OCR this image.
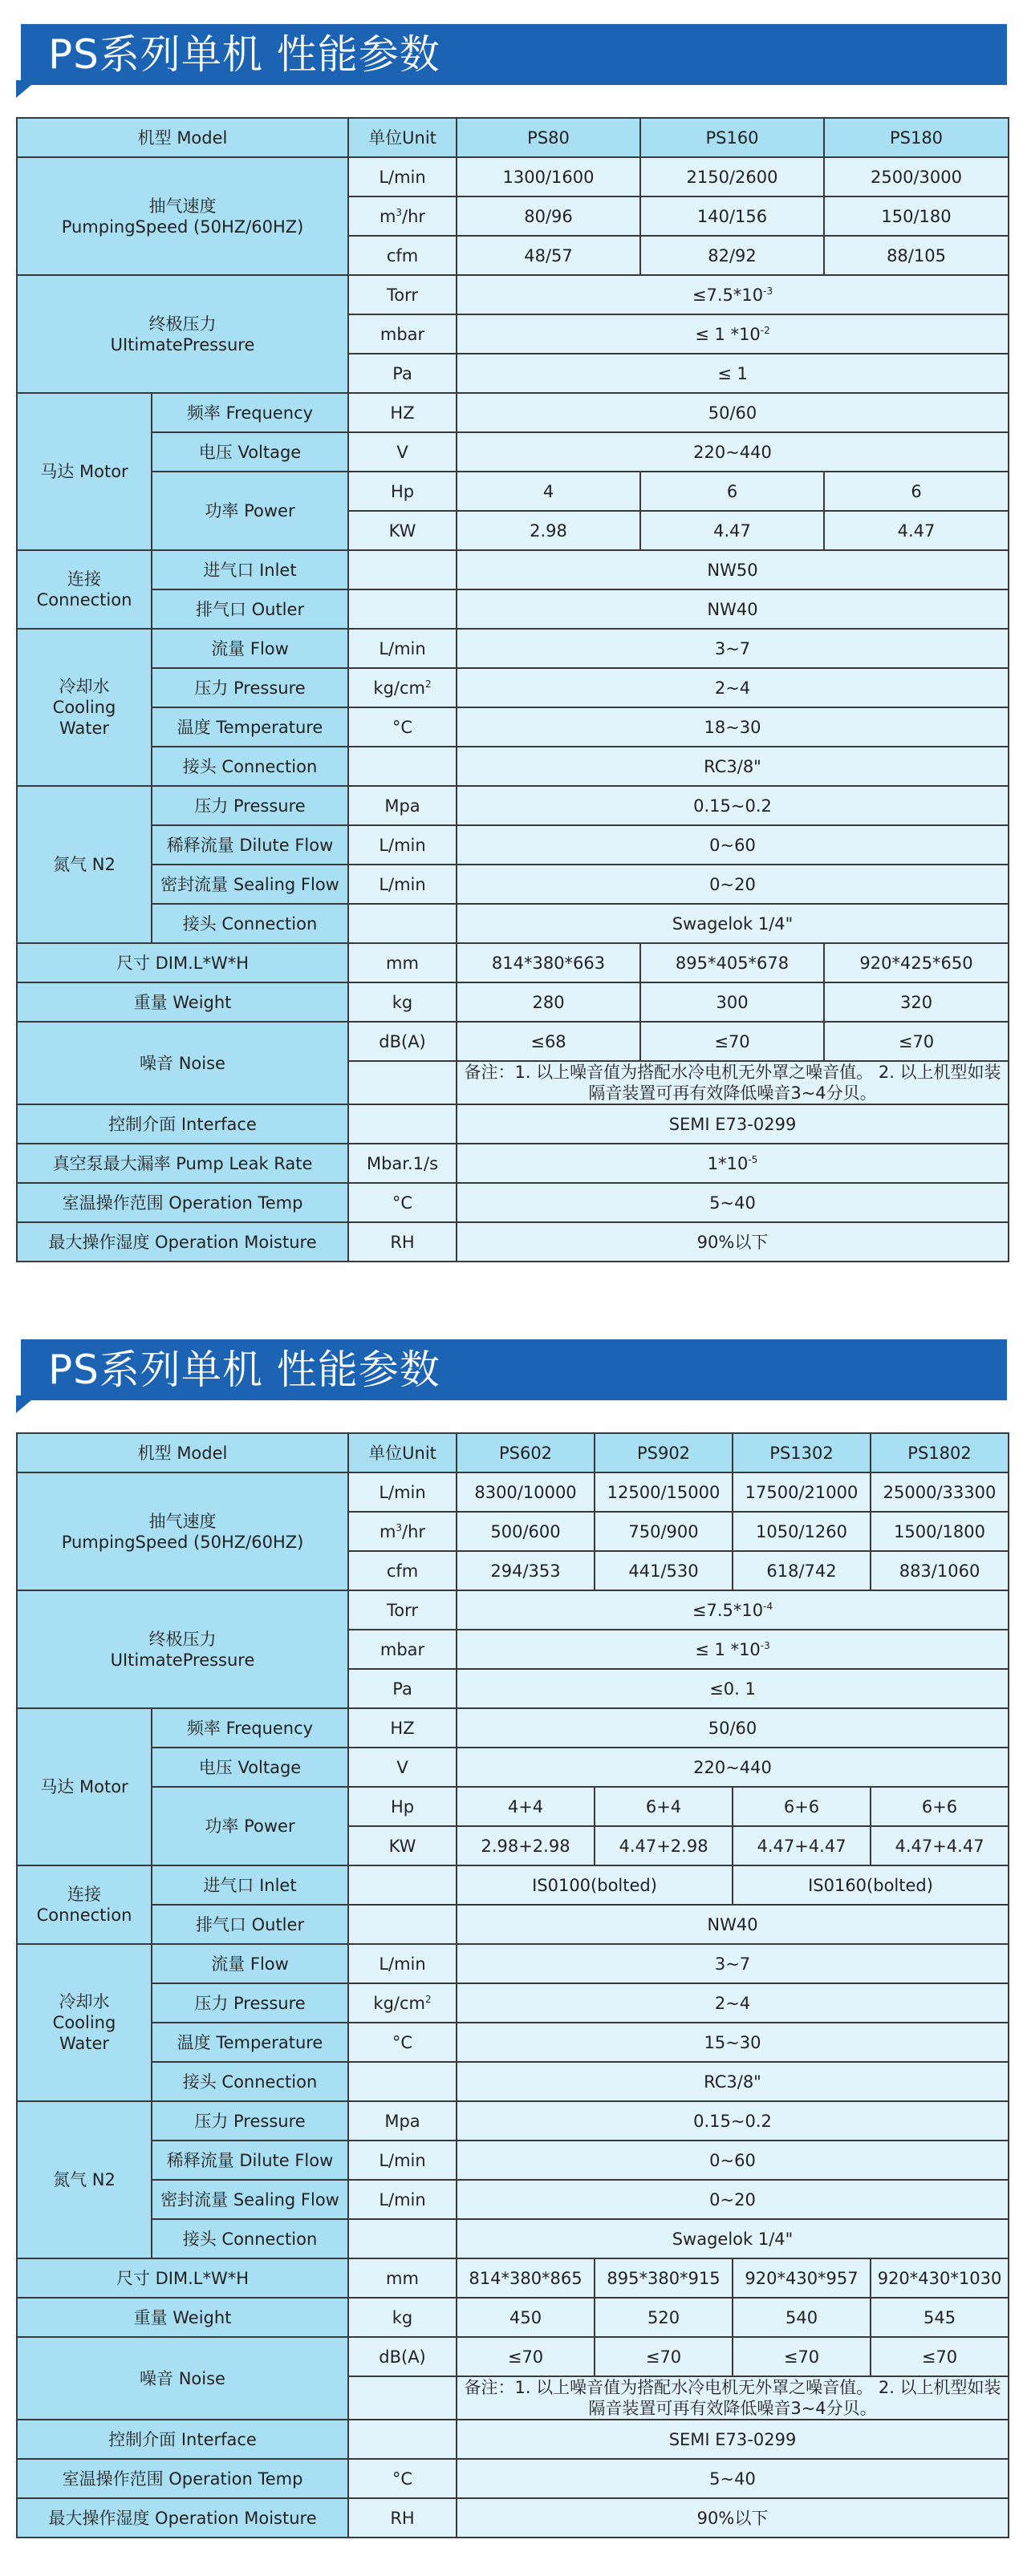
PS系列单机 性能参数
机型 Model		单位Unit	PS80	PS160	PS180
抽气速度
PumpingSpeed (50HZ/60HZ)		L/min	1300/1600	2150/2600	2500/3000
		$m^3/hr$	80/96	140/156	150/180
		cfm	48/57	82/92	88/105
终极压力
UItimatePressure		Torr	$\le 7.5*10^{-3}$
		mbar	≤ 1 $*10^{-2}$
		Pa	≤ 1		
马达 Motor	频率 Frequency	HZ	50/60		
	电压 Voltage	V	220~440		
	功率 Power	Hp	4	6	6
		KW	2.98	4.47	4.47
连接
Connection	进气口 Inlet		NW50		
	排气口 Outler		NW40		
冷却水
Cooling
Water	流量 Flow	L/min	3~7		
	压力 Pressure	$kg/cm^2$	2~4		
	温度 Temperature	°C	18~30		
	接头 Connection		RC3/8"		
氮气 N2	压力 Pressure	Mpa	0.15~0.2		
	稀释流量 Dilute Flow	L/min	0~60		
	密封流量 Sealing Flow	L/min	0~20		
	接头 Connection		Swagelok 1/4"		
尺寸 DIM.L*W*H		mm	814*380*663	895*405*678	920*425*650
重量 Weight		kg	280	300	320
噪音 Noise		dB(A)	≤68	≤70	≤70
			备注：1. 以上噪音值为搭配水冷电机无外罩之噪音值。 2. 以上机型如装隔音装置可再有效降低噪音3~4分贝。		
控制介面 Interface			SEMI E73-0299		
真空泵最大漏率 Pump Leak Rate		Mbar.1/s	$1*10^{-5}$
室温操作范围 Operation Temp		°C	5~40		
最大操作湿度 Operation Moisture		RH	90%以下		
PS系列单机 性能参数
机型 Model		单位Unit	PS602	PS902	PS1302	PS1802
抽气速度
PumpingSpeed (50HZ/60HZ)		L/min	8300/10000	12500/15000	17500/21000	25000/33300
		$m^3/hr$	500/600	750/900	1050/1260	1500/1800
		cfm	294/353	441/530	618/742	883/1060
终极压力
UItimatePressure		Torr	$\le 7.5*10^{-4}$
		mbar	≤ 1 $*10^{-3}$
		Pa	≤0. 1			
马达 Motor	频率 Frequency	HZ	50/60			
	电压 Voltage	V	220~440			
	功率 Power	Hp	4+4	6+4	6+6	6+6
		KW	2.98+2.98	4.47+2.98	4.47+4.47	4.47+4.47
连接
Connection	进气口 Inlet		IS0100(bolted)		IS0160(bolted)	
	排气口 Outler		NW40			
冷却水
Cooling
Water	流量 Flow	L/min	3~7			
	压力 Pressure	$kg/cm^2$	2~4			
	温度 Temperature	°C	15~30			
	接头 Connection		RC3/8"			
氮气 N2	压力 Pressure	Mpa	0.15~0.2			
	稀释流量 Dilute Flow	L/min	0~60			
	密封流量 Sealing Flow	L/min	0~20			
	接头 Connection		Swagelok 1/4"			
尺寸 DIM.L*W*H		mm	814*380*865	895*380*915	920*430*957	920*430*1030
重量 Weight		kg	450	520	540	545
噪音 Noise		dB(A)	≤70	≤70	≤70	≤70
			备注：1. 以上噪音值为搭配水冷电机无外罩之噪音值。 2. 以上机型如装隔音装置可再有效降低噪音3~4分贝。			
控制介面 Interface			SEMI E73-0299			
室温操作范围 Operation Temp		°C	5~40			
最大操作湿度 Operation Moisture		RH	90%以下			
